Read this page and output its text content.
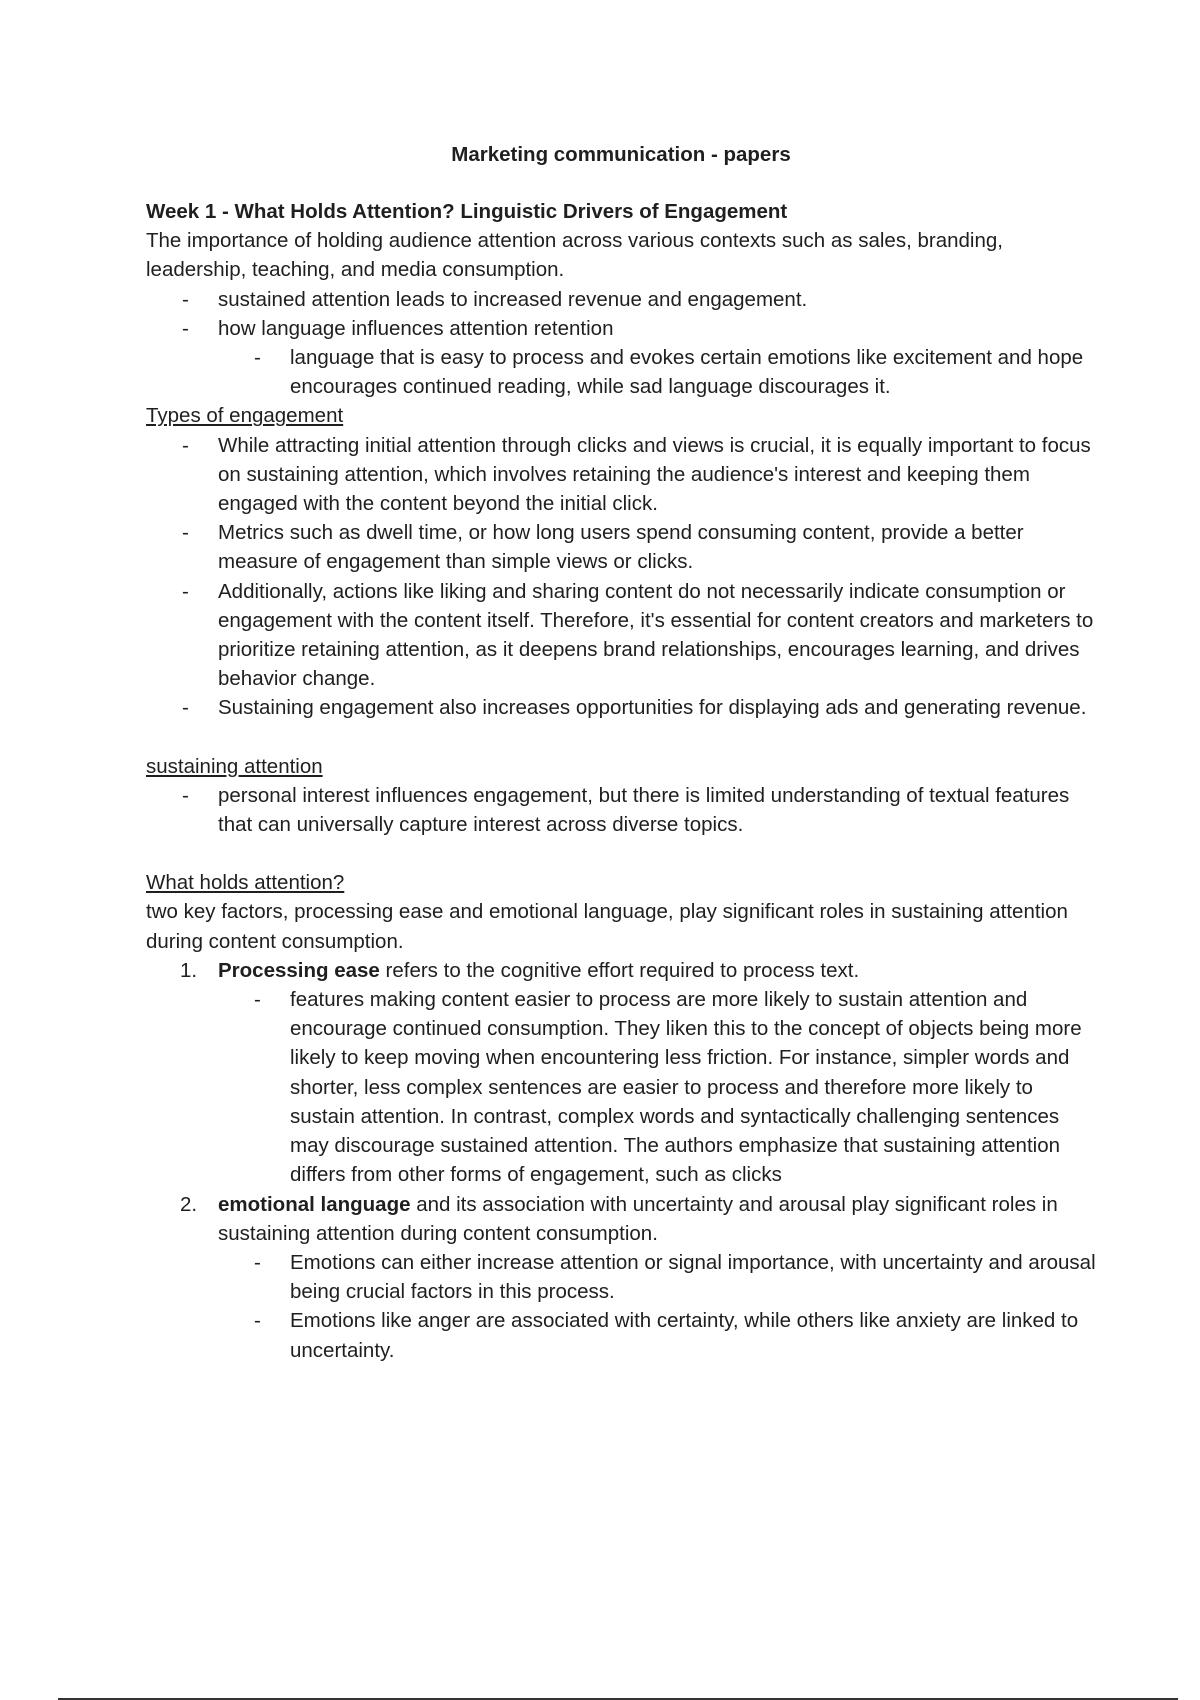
Marketing communication - papers

Week 1 - What Holds Attention? Linguistic Drivers of Engagement

The importance of holding audience attention across various contexts such as sales, branding, leadership, teaching, and media consumption.

- sustained attention leads to increased revenue and engagement.
- how language influences attention retention
- language that is easy to process and evokes certain emotions like excitement and hope encourages continued reading, while sad language discourages it.

Types of engagement

- While attracting initial attention through clicks and views is crucial, it is equally important to focus on sustaining attention, which involves retaining the audience's interest and keeping them engaged with the content beyond the initial click.
- Metrics such as dwell time, or how long users spend consuming content, provide a better measure of engagement than simple views or clicks.
- Additionally, actions like liking and sharing content do not necessarily indicate consumption or engagement with the content itself. Therefore, it's essential for content creators and marketers to prioritize retaining attention, as it deepens brand relationships, encourages learning, and drives behavior change.
- Sustaining engagement also increases opportunities for displaying ads and generating revenue.

sustaining attention

- personal interest influences engagement, but there is limited understanding of textual features that can universally capture interest across diverse topics.

What holds attention?

two key factors, processing ease and emotional language, play significant roles in sustaining attention during content consumption.

1. Processing ease refers to the cognitive effort required to process text.
- features making content easier to process are more likely to sustain attention and encourage continued consumption. They liken this to the concept of objects being more likely to keep moving when encountering less friction. For instance, simpler words and shorter, less complex sentences are easier to process and therefore more likely to sustain attention. In contrast, complex words and syntactically challenging sentences may discourage sustained attention. The authors emphasize that sustaining attention differs from other forms of engagement, such as clicks
2. emotional language and its association with uncertainty and arousal play significant roles in sustaining attention during content consumption.
- Emotions can either increase attention or signal importance, with uncertainty and arousal being crucial factors in this process.
- Emotions like anger are associated with certainty, while others like anxiety are linked to uncertainty.
